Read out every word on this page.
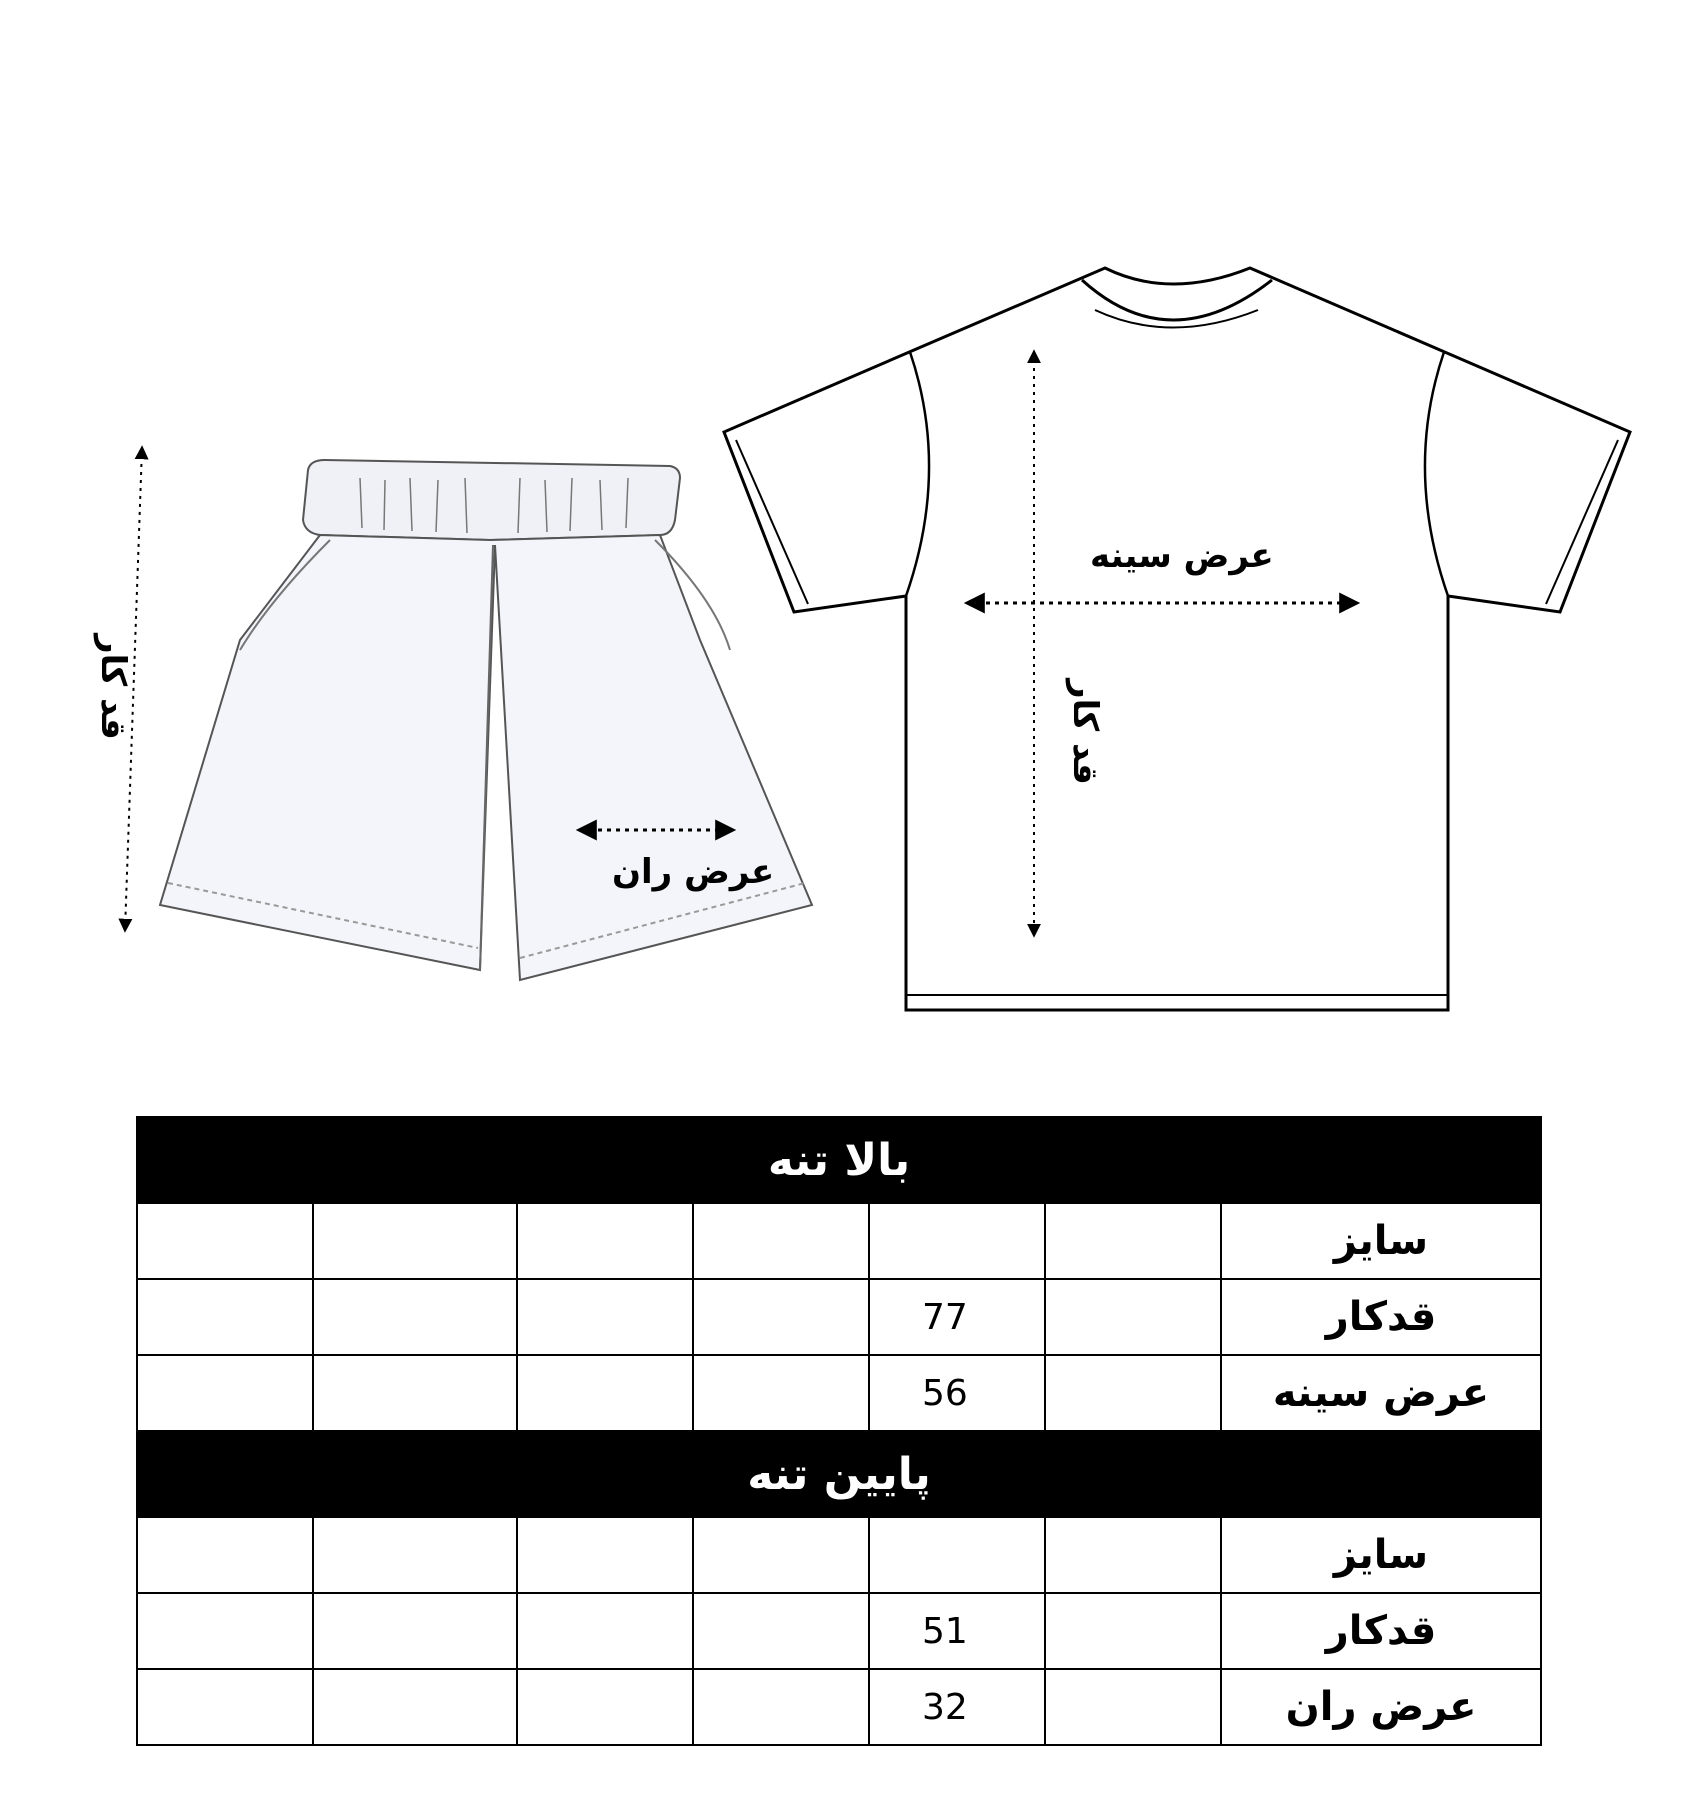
قد کار
عرض ران
عرض سینه
قد کار
بالا تنه						
						سایز
				77		قدکار
				56		عرض سینه
پایین تنه						
						سایز
				51		قدکار
				32		عرض ران
